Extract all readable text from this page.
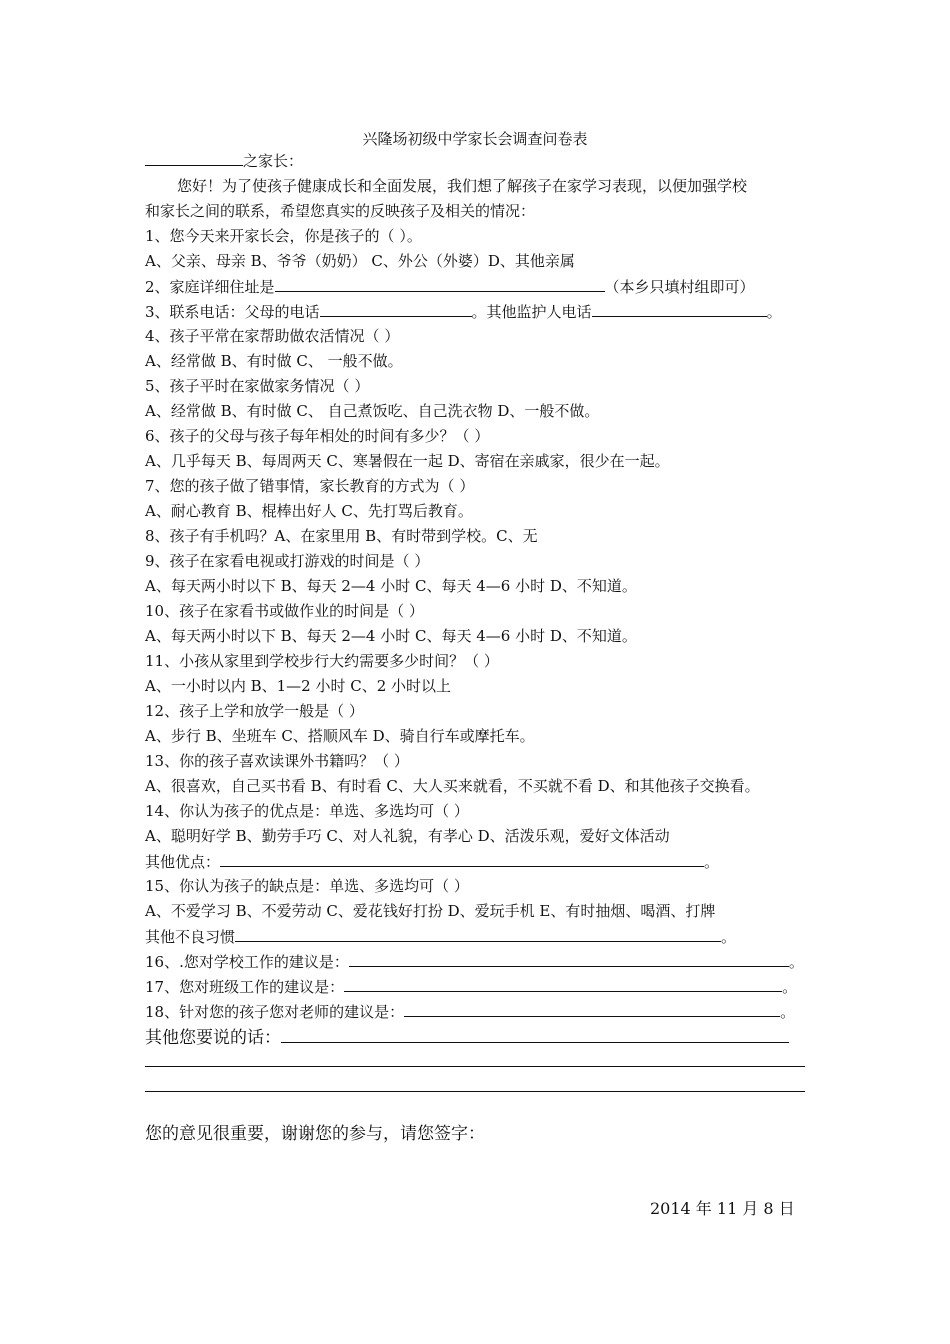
兴隆场初级中学家长会调查问卷表
之家长：
您好！为了使孩子健康成长和全面发展，我们想了解孩子在家学习表现，以便加强学校
和家长之间的联系，希望您真实的反映孩子及相关的情况：
1、您今天来开家长会，你是孩子的（ ）。
A、父亲、母亲 B、爷爷（奶奶） C、外公（外婆）D、其他亲属
2、家庭详细住址是	（本乡只填村组即可）
3、联系电话：父母的电话	。其他监护人电话	。
4、孩子平常在家帮助做农活情况（ ）
A、经常做 B、有时做 C、 一般不做。
5、孩子平时在家做家务情况（ ）
A、经常做 B、有时做 C、 自己煮饭吃、自己洗衣物 D、一般不做。
6、孩子的父母与孩子每年相处的时间有多少？（ ）
A、几乎每天 B、每周两天 C、寒暑假在一起 D、寄宿在亲戚家，很少在一起。
7、您的孩子做了错事情，家长教育的方式为（ ）
A、耐心教育 B、棍棒出好人 C、先打骂后教育。
8、孩子有手机吗？A、在家里用 B、有时带到学校。C、无
9、孩子在家看电视或打游戏的时间是（ ）
A、每天两小时以下 B、每天 2—4 小时 C、每天 4—6 小时 D、不知道。
10、孩子在家看书或做作业的时间是（ ）
A、每天两小时以下 B、每天 2—4 小时 C、每天 4—6 小时 D、不知道。
11、小孩从家里到学校步行大约需要多少时间？（ ）
A、一小时以内 B、1—2 小时 C、2 小时以上
12、孩子上学和放学一般是（ ）
A、步行 B、坐班车 C、搭顺风车 D、骑自行车或摩托车。
13、你的孩子喜欢读课外书籍吗？（ ）
A、很喜欢，自己买书看 B、有时看 C、大人买来就看，不买就不看 D、和其他孩子交换看。
14、你认为孩子的优点是：单选、多选均可（ ）
A、聪明好学 B、勤劳手巧 C、对人礼貌，有孝心 D、活泼乐观，爱好文体活动
其他优点：	。
15、你认为孩子的缺点是：单选、多选均可（ ）
A、不爱学习 B、不爱劳动 C、爱花钱好打扮 D、爱玩手机 E、有时抽烟、喝酒、打牌
其他不良习惯	。
16、.您对学校工作的建议是：	。
17、您对班级工作的建议是：	。
18、针对您的孩子您对老师的建议是：	。
其他您要说的话：
您的意见很重要，谢谢您的参与，请您签字：
2014 年 11 月 8 日
